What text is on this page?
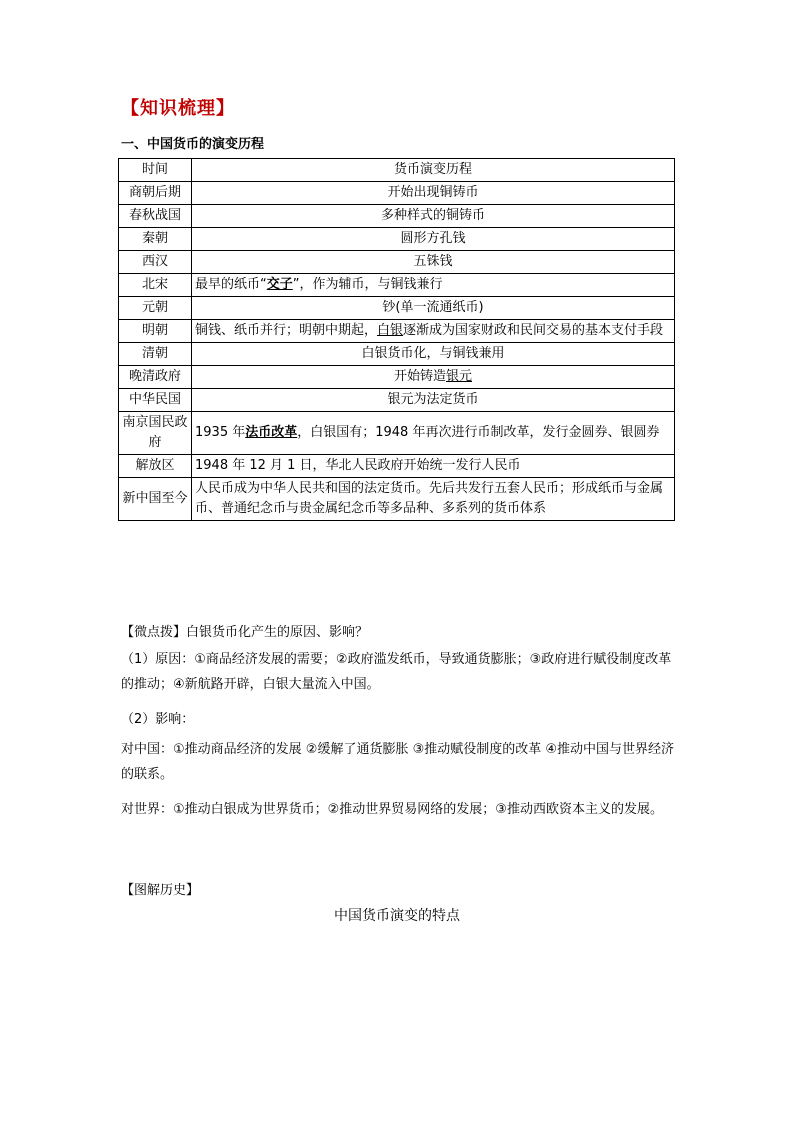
【知识梳理】
一、中国货币的演变历程
时间	货币演变历程
商朝后期	开始出现铜铸币
春秋战国	多种样式的铜铸币
秦朝	圆形方孔钱
西汉	五铢钱
北宋	最早的纸币“交子”，作为辅币，与铜钱兼行
元朝	钞(单一流通纸币)
明朝	铜钱、纸币并行；明朝中期起，白银逐渐成为国家财政和民间交易的基本支付手段
清朝	白银货币化，与铜钱兼用
晚清政府	开始铸造银元
中华民国	银元为法定货币
南京国民政府	1935 年法币改革，白银国有；1948 年再次进行币制改革，发行金圆券、银圆券
解放区	1948 年 12 月 1 日，华北人民政府开始统一发行人民币
新中国至今	人民币成为中华人民共和国的法定货币。先后共发行五套人民币；形成纸币与金属币、普通纪念币与贵金属纪念币等多品种、多系列的货币体系
【微点拨】白银货币化产生的原因、影响？
（1）原因：①商品经济发展的需要；②政府滥发纸币，导致通货膨胀；③政府进行赋役制度改革的推动；④新航路开辟，白银大量流入中国。
（2）影响：
对中国：①推动商品经济的发展 ②缓解了通货膨胀 ③推动赋役制度的改革 ④推动中国与世界经济的联系。
对世界：①推动白银成为世界货币；②推动世界贸易网络的发展；③推动西欧资本主义的发展。
【图解历史】
中国货币演变的特点
